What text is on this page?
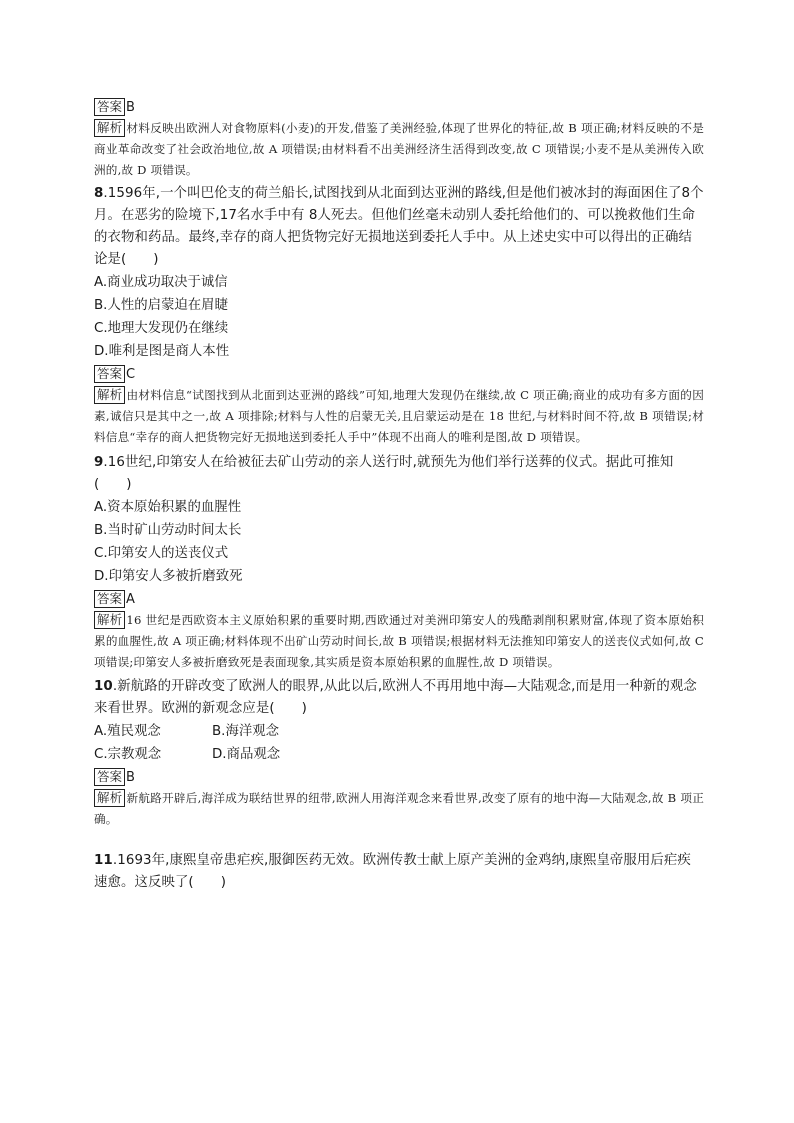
答案 B
解析 材料反映出欧洲人对食物原料(小麦)的开发,借鉴了美洲经验,体现了世界化的特征,故 B 项正确;材料反映的不是商业革命改变了社会政治地位,故 A 项错误;由材料看不出美洲经济生活得到改变,故 C 项错误;小麦不是从美洲传入欧洲的,故 D 项错误。
8.1596年,一个叫巴伦支的荷兰船长,试图找到从北面到达亚洲的路线,但是他们被冰封的海面困住了8个月。在恶劣的险境下,17名水手中有 8人死去。但他们丝毫未动别人委托给他们的、可以挽救他们生命的衣物和药品。最终,幸存的商人把货物完好无损地送到委托人手中。从上述史实中可以得出的正确结论是(　　)
A.商业成功取决于诚信
B.人性的启蒙迫在眉睫
C.地理大发现仍在继续
D.唯利是图是商人本性
答案 C
解析 由材料信息“试图找到从北面到达亚洲的路线”可知,地理大发现仍在继续,故 C 项正确;商业的成功有多方面的因素,诚信只是其中之一,故 A 项排除;材料与人性的启蒙无关,且启蒙运动是在 18 世纪,与材料时间不符,故 B 项错误;材料信息“幸存的商人把货物完好无损地送到委托人手中”体现不出商人的唯利是图,故 D 项错误。
9.16世纪,印第安人在给被征去矿山劳动的亲人送行时,就预先为他们举行送葬的仪式。据此可推知(　　)
A.资本原始积累的血腥性
B.当时矿山劳动时间太长
C.印第安人的送丧仪式
D.印第安人多被折磨致死
答案 A
解析 16 世纪是西欧资本主义原始积累的重要时期,西欧通过对美洲印第安人的残酷剥削积累财富,体现了资本原始积累的血腥性,故 A 项正确;材料体现不出矿山劳动时间长,故 B 项错误;根据材料无法推知印第安人的送丧仪式如何,故 C 项错误;印第安人多被折磨致死是表面现象,其实质是资本原始积累的血腥性,故 D 项错误。
10.新航路的开辟改变了欧洲人的眼界,从此以后,欧洲人不再用地中海—大陆观念,而是用一种新的观念来看世界。欧洲的新观念应是(　　)
A.殖民观念	B.海洋观念
C.宗教观念	D.商品观念
答案 B
解析 新航路开辟后,海洋成为联结世界的纽带,欧洲人用海洋观念来看世界,改变了原有的地中海—大陆观念,故 B 项正确。
11.1693年,康熙皇帝患疟疾,服御医药无效。欧洲传教士献上原产美洲的金鸡纳,康熙皇帝服用后疟疾速愈。这反映了(　　)
